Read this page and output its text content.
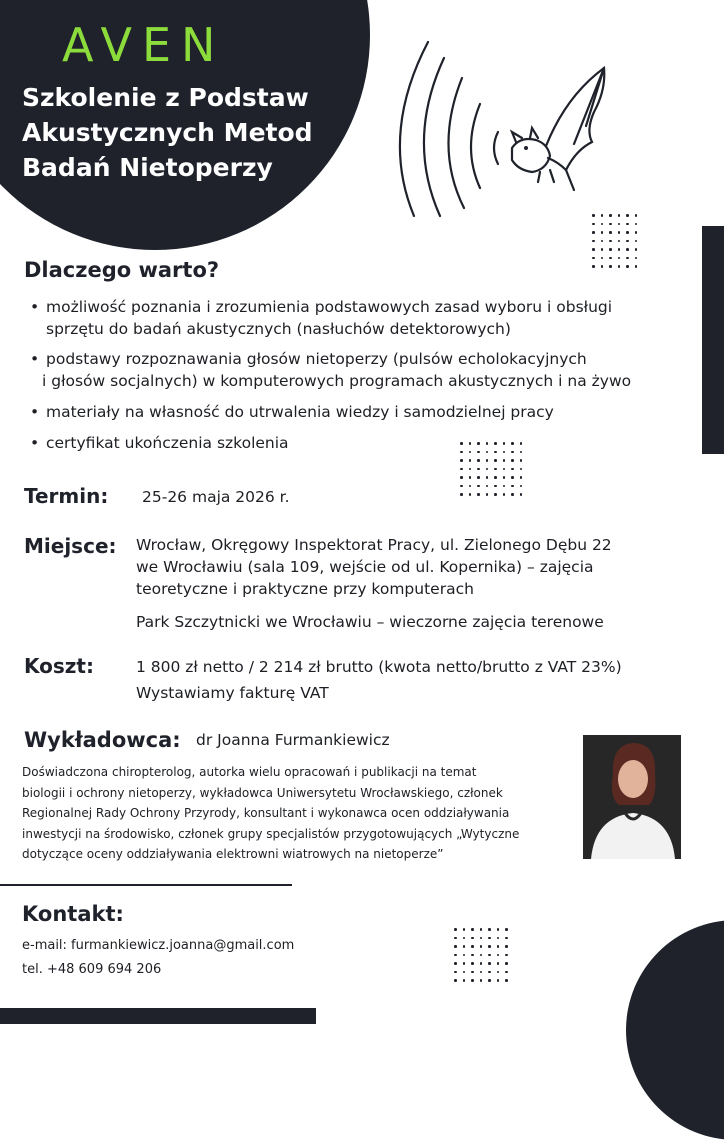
AVEN
Szkolenie z Podstaw
Akustycznych Metod
Badań Nietoperzy
Dlaczego warto?
• możliwość poznania i zrozumienia podstawowych zasad wyboru i obsługi
sprzętu do badań akustycznych (nasłuchów detektorowych)
• podstawy rozpoznawania głosów nietoperzy (pulsów echolokacyjnych
i głosów socjalnych) w komputerowych programach akustycznych i na żywo
• materiały na własność do utrwalenia wiedzy i samodzielnej pracy
• certyfikat ukończenia szkolenia
Termin: 25-26 maja 2026 r.
Miejsce: Wrocław, Okręgowy Inspektorat Pracy, ul. Zielonego Dębu 22
we Wrocławiu (sala 109, wejście od ul. Kopernika) – zajęcia
teoretyczne i praktyczne przy komputerach
Park Szczytnicki we Wrocławiu – wieczorne zajęcia terenowe
Koszt:	1 800 zł netto / 2 214 zł brutto (kwota netto/brutto z VAT 23%)
Wystawiamy fakturę VAT
Wykładowca: dr Joanna Furmankiewicz
Doświadczona chiropterolog, autorka wielu opracowań i publikacji na temat
biologii i ochrony nietoperzy, wykładowca Uniwersytetu Wrocławskiego, członek
Regionalnej Rady Ochrony Przyrody, konsultant i wykonawca ocen oddziaływania
inwestycji na środowisko, członek grupy specjalistów przygotowujących „Wytyczne
dotyczące oceny oddziaływania elektrowni wiatrowych na nietoperze”
Kontakt:
e-mail: furmankiewicz.joanna@gmail.com
tel. +48 609 694 206
